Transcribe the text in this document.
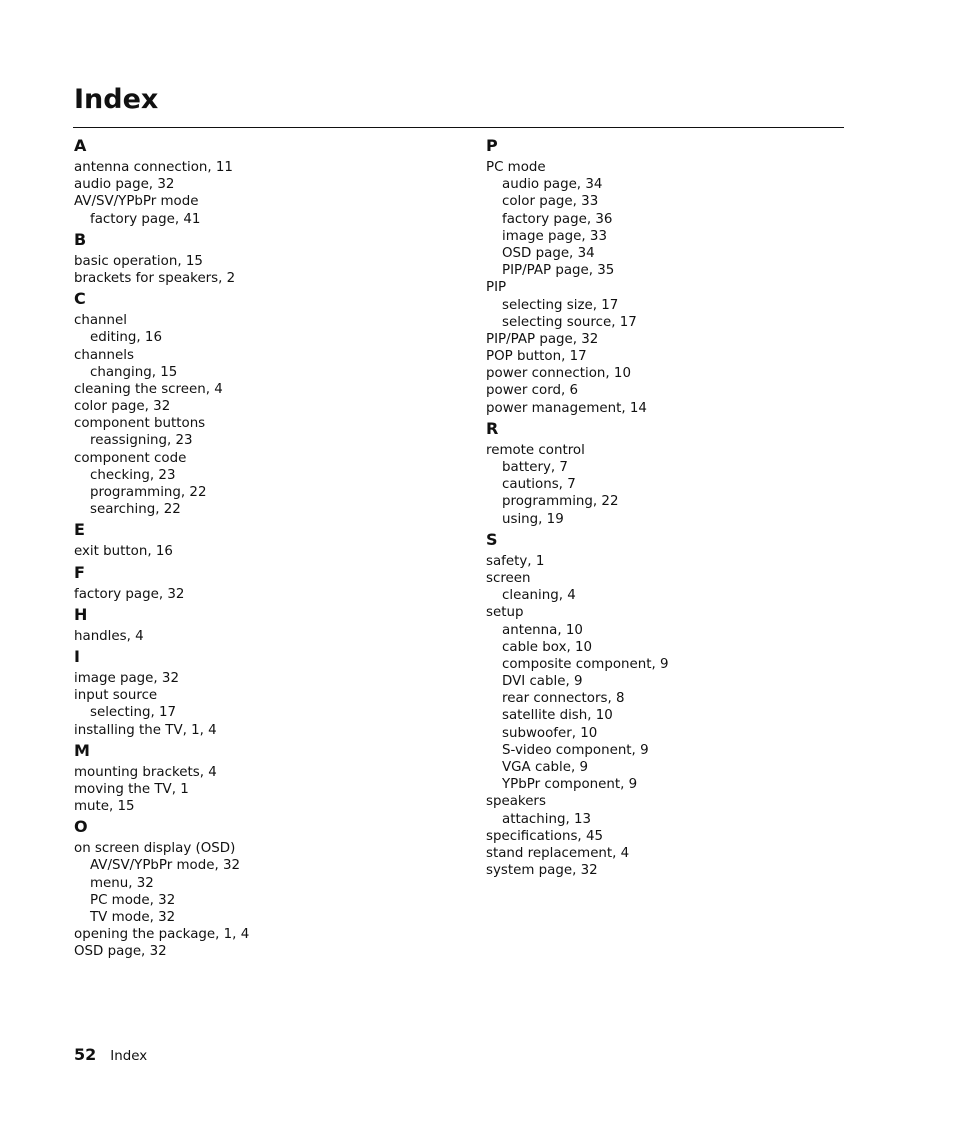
Index
A
antenna connection, 11
audio page, 32
AV/SV/YPbPr mode
factory page, 41
B
basic operation, 15
brackets for speakers, 2
C
channel
editing, 16
channels
changing, 15
cleaning the screen, 4
color page, 32
component buttons
reassigning, 23
component code
checking, 23
programming, 22
searching, 22
E
exit button, 16
F
factory page, 32
H
handles, 4
I
image page, 32
input source
selecting, 17
installing the TV, 1, 4
M
mounting brackets, 4
moving the TV, 1
mute, 15
O
on screen display (OSD)
AV/SV/YPbPr mode, 32
menu, 32
PC mode, 32
TV mode, 32
opening the package, 1, 4
OSD page, 32
P
PC mode
audio page, 34
color page, 33
factory page, 36
image page, 33
OSD page, 34
PIP/PAP page, 35
PIP
selecting size, 17
selecting source, 17
PIP/PAP page, 32
POP button, 17
power connection, 10
power cord, 6
power management, 14
R
remote control
battery, 7
cautions, 7
programming, 22
using, 19
S
safety, 1
screen
cleaning, 4
setup
antenna, 10
cable box, 10
composite component, 9
DVI cable, 9
rear connectors, 8
satellite dish, 10
subwoofer, 10
S-video component, 9
VGA cable, 9
YPbPr component, 9
speakers
attaching, 13
specifications, 45
stand replacement, 4
system page, 32
52 Index
